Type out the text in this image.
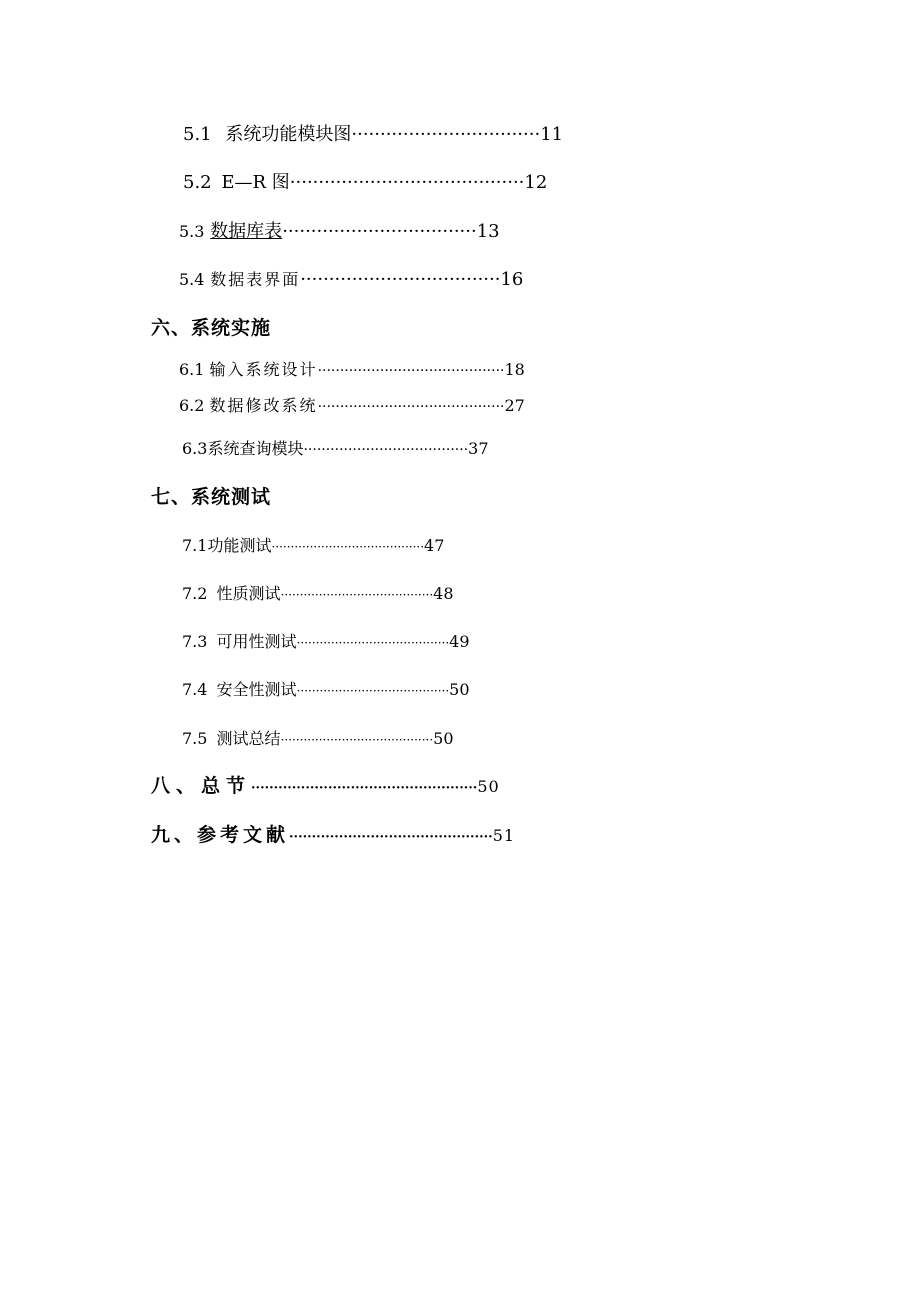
5.1 系统功能模块图·································11
5.2 E—R 图·········································12
5.3 数据库表··································13
5.4 数据表界面···································16
六、系统实施
6.1 输入系统设计··········································18
6.2 数据修改系统··········································27
6.3系统查询模块·····································37
七、系统测试
7.1功能测试········································47
7.2 性质测试········································48
7.3 可用性测试········································49
7.4 安全性测试········································50
7.5 测试总结········································50
八、总节··················································50
九、参考文献·············································51
